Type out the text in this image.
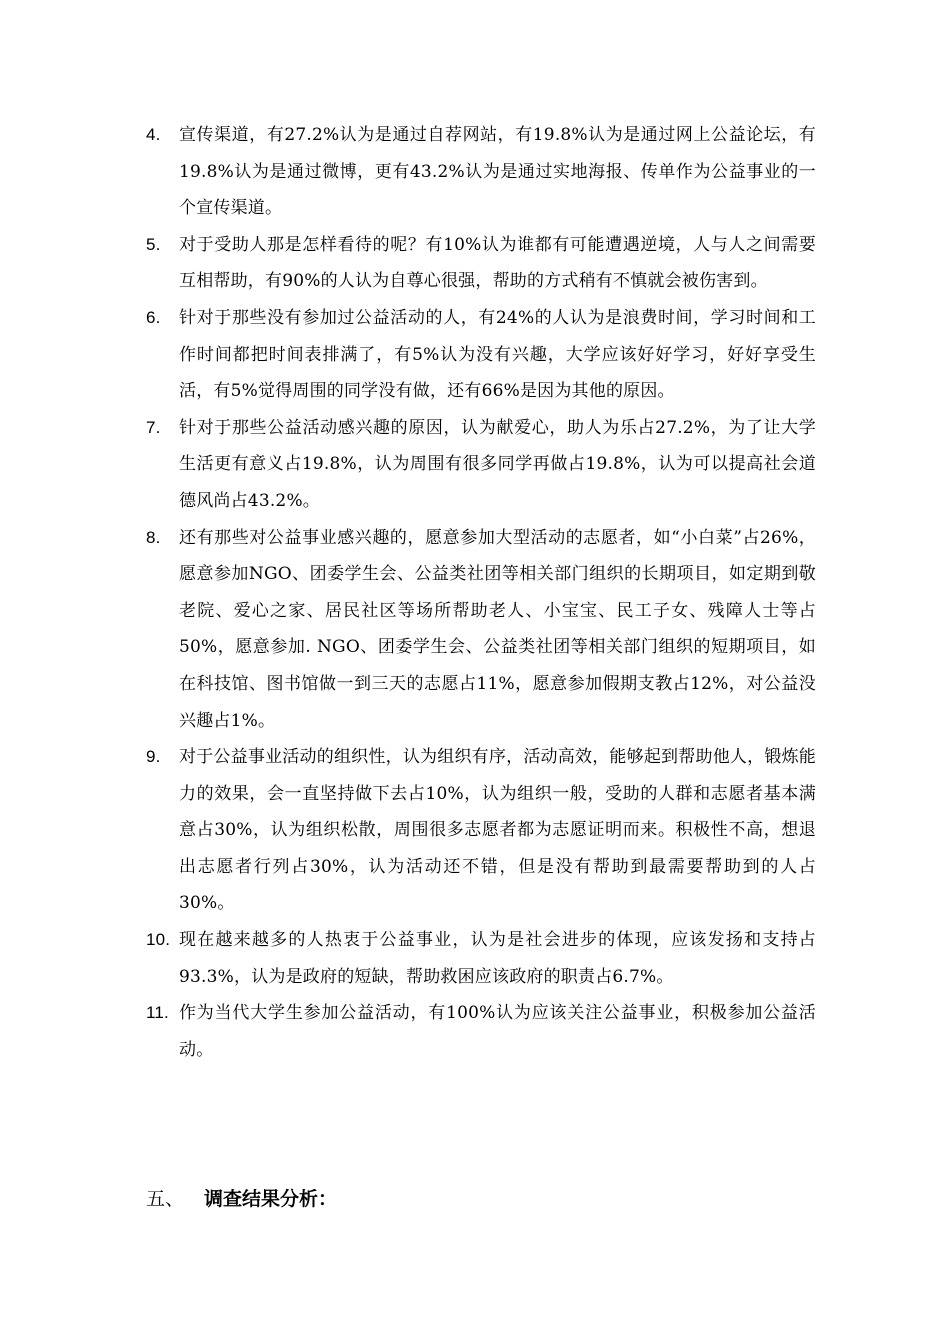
4. 宣传渠道，有27.2%认为是通过自荐网站，有19.8%认为是通过网上公益论坛，有19.8%认为是通过微博，更有43.2%认为是通过实地海报、传单作为公益事业的一个宣传渠道。
5. 对于受助人那是怎样看待的呢？有10%认为谁都有可能遭遇逆境，人与人之间需要互相帮助，有90%的人认为自尊心很强，帮助的方式稍有不慎就会被伤害到。
6. 针对于那些没有参加过公益活动的人，有24%的人认为是浪费时间，学习时间和工作时间都把时间表排满了，有5%认为没有兴趣，大学应该好好学习，好好享受生活，有5%觉得周围的同学没有做，还有66%是因为其他的原因。
7. 针对于那些公益活动感兴趣的原因，认为献爱心，助人为乐占27.2%，为了让大学生活更有意义占19.8%，认为周围有很多同学再做占19.8%，认为可以提高社会道德风尚占43.2%。
8. 还有那些对公益事业感兴趣的，愿意参加大型活动的志愿者，如“小白菜”占26%，愿意参加NGO、团委学生会、公益类社团等相关部门组织的长期项目，如定期到敬老院、爱心之家、居民社区等场所帮助老人、小宝宝、民工子女、残障人士等占50%，愿意参加. NGO、团委学生会、公益类社团等相关部门组织的短期项目，如在科技馆、图书馆做一到三天的志愿占11%，愿意参加假期支教占12%，对公益没兴趣占1%。
9. 对于公益事业活动的组织性，认为组织有序，活动高效，能够起到帮助他人，锻炼能力的效果，会一直坚持做下去占10%，认为组织一般，受助的人群和志愿者基本满意占30%，认为组织松散，周围很多志愿者都为志愿证明而来。积极性不高，想退出志愿者行列占30%，认为活动还不错，但是没有帮助到最需要帮助到的人占30%。
10. 现在越来越多的人热衷于公益事业，认为是社会进步的体现，应该发扬和支持占93.3%，认为是政府的短缺，帮助救困应该政府的职责占6.7%。
11. 作为当代大学生参加公益活动，有100%认为应该关注公益事业，积极参加公益活动。
五、 调查结果分析：
